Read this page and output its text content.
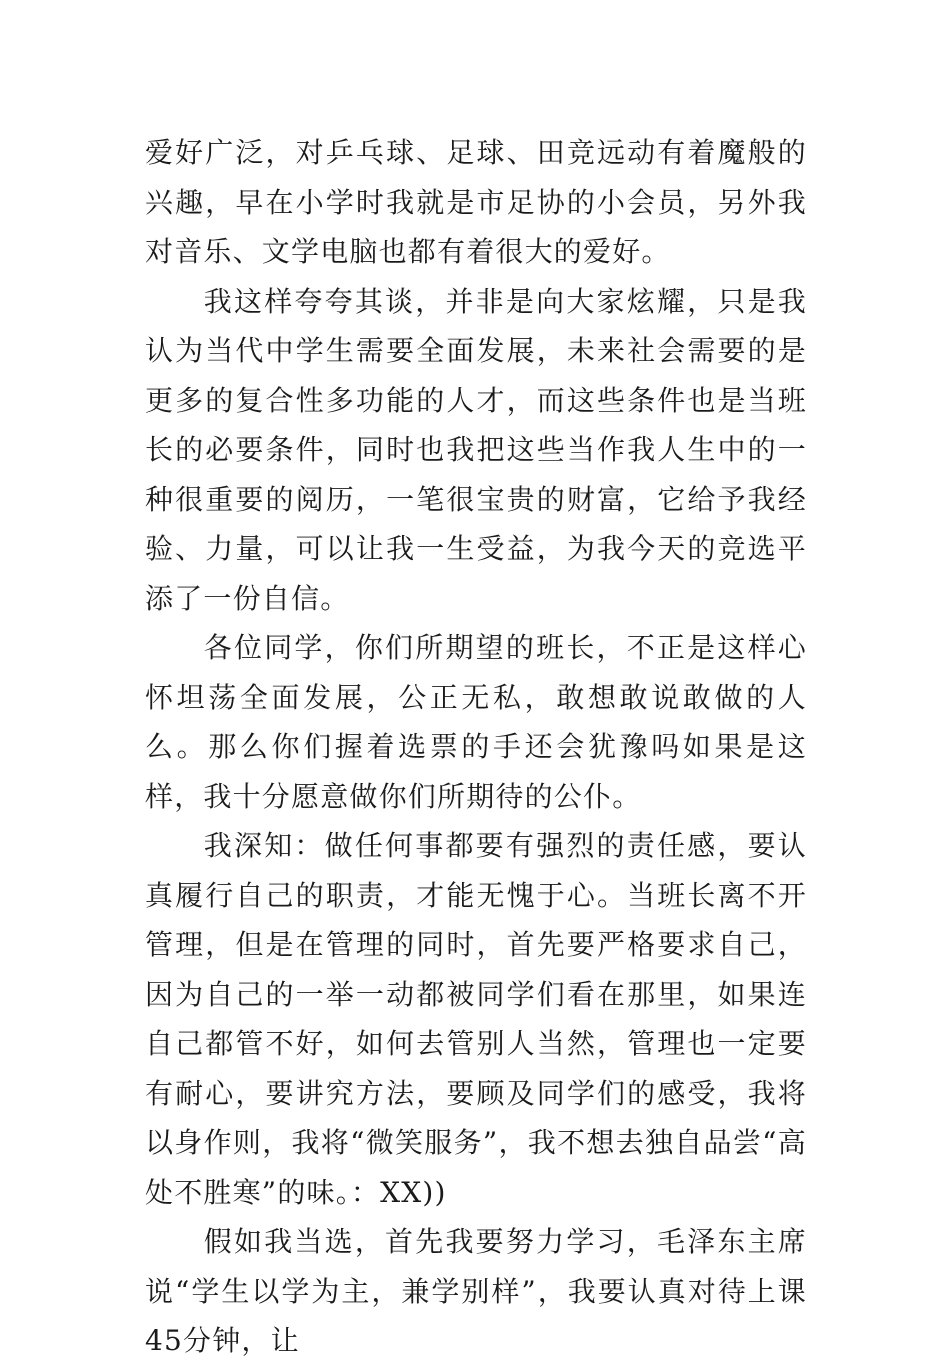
爱好广泛，对乒乓球、足球、田竞远动有着魔般的兴趣，早在小学时我就是市足协的小会员，另外我对音乐、文学电脑也都有着很大的爱好。

我这样夸夸其谈，并非是向大家炫耀，只是我认为当代中学生需要全面发展，未来社会需要的是更多的复合性多功能的人才，而这些条件也是当班长的必要条件，同时也我把这些当作我人生中的一种很重要的阅历，一笔很宝贵的财富，它给予我经验、力量，可以让我一生受益，为我今天的竞选平添了一份自信。

各位同学，你们所期望的班长，不正是这样心怀坦荡全面发展，公正无私，敢想敢说敢做的人么。那么你们握着选票的手还会犹豫吗如果是这样，我十分愿意做你们所期待的公仆。

我深知：做任何事都要有强烈的责任感，要认真履行自己的职责，才能无愧于心。当班长离不开管理，但是在管理的同时，首先要严格要求自己，因为自己的一举一动都被同学们看在那里，如果连自己都管不好，如何去管别人当然，管理也一定要有耐心，要讲究方法，要顾及同学们的感受，我将以身作则，我将“微笑服务”，我不想去独自品尝“高处不胜寒”的味。：XX))

假如我当选，首先我要努力学习，毛泽东主席说“学生以学为主，兼学别样”，我要认真对待上课45分钟，让
